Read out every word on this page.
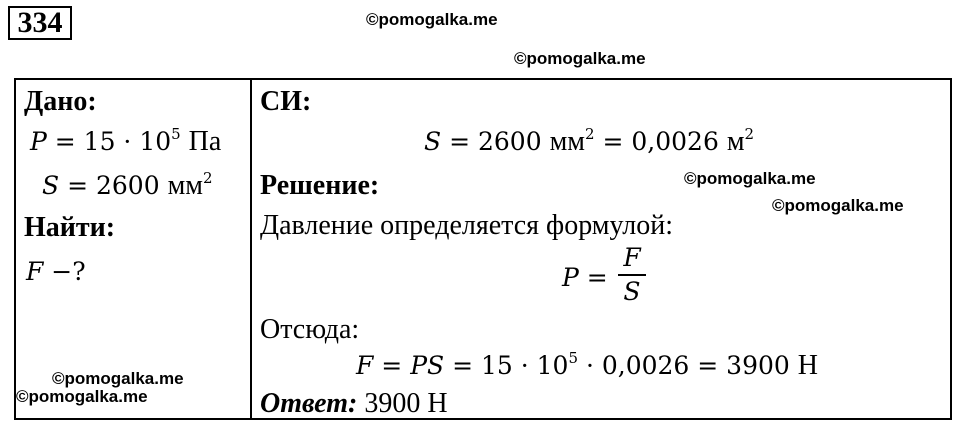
334	©pomogalka.me
©pomogalka.me
©pomogalka.me
©pomogalka.me
©pomogalka.me
©pomogalka.me
Дано:
$P = 15 \cdot 10^5$ Па
S = 2600 $мм^2$
Найти:
F −?
СИ:
S = 2600 $мм^2 = 0,0026$ $м^2$
Решение:
Давление определяется формулой:
P =
F
S
Отсюда:
F = PS = $15 \cdot 10^5 \cdot 0,0026 = 3900$ Н
Ответ: 3900 Н
